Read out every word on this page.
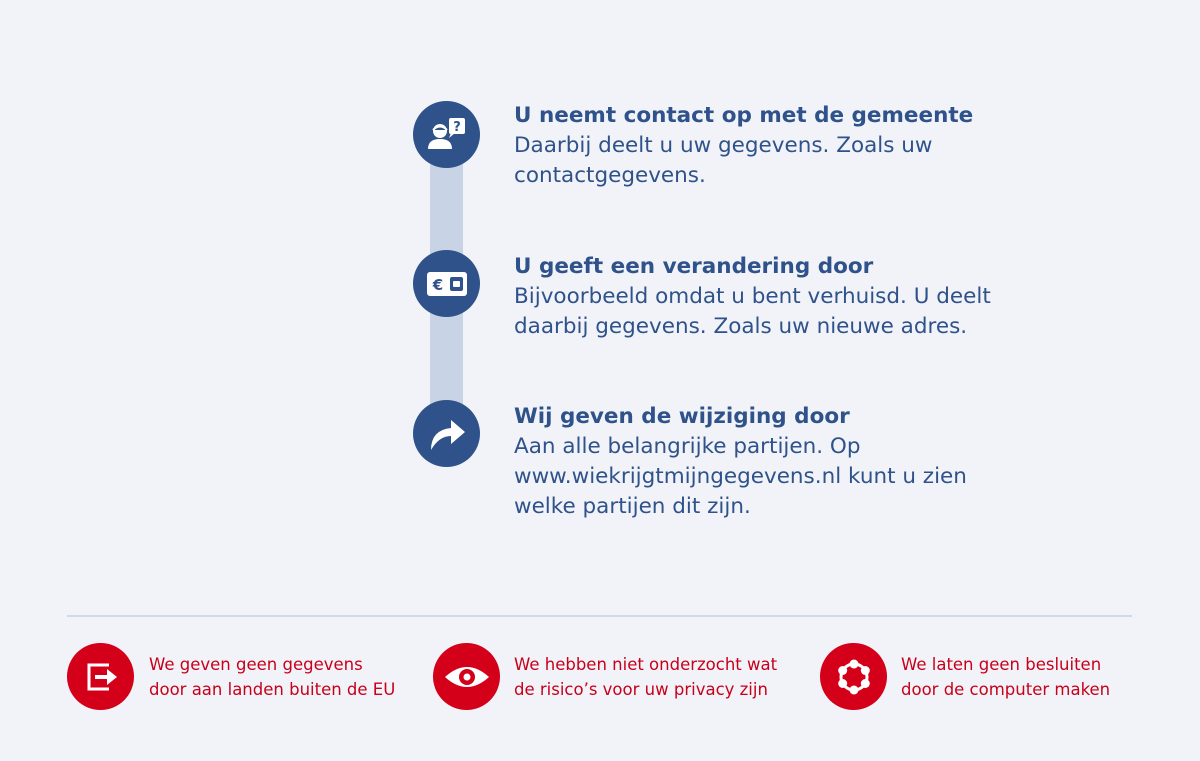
? U neemt contact op met de gemeente
Daarbij deelt u uw gegevens. Zoals uw
contactgegevens.
€
U geeft een verandering door
Bijvoorbeeld omdat u bent verhuisd. U deelt
daarbij gegevens. Zoals uw nieuwe adres.
Wij geven de wijziging door
Aan alle belangrijke partijen. Op
www.wiekrijgtmijngegevens.nl kunt u zien
welke partijen dit zijn.
We geven geen gegevens
door aan landen buiten de EU
We hebben niet onderzocht wat
de risico’s voor uw privacy zijn
We laten geen besluiten
door de computer maken
